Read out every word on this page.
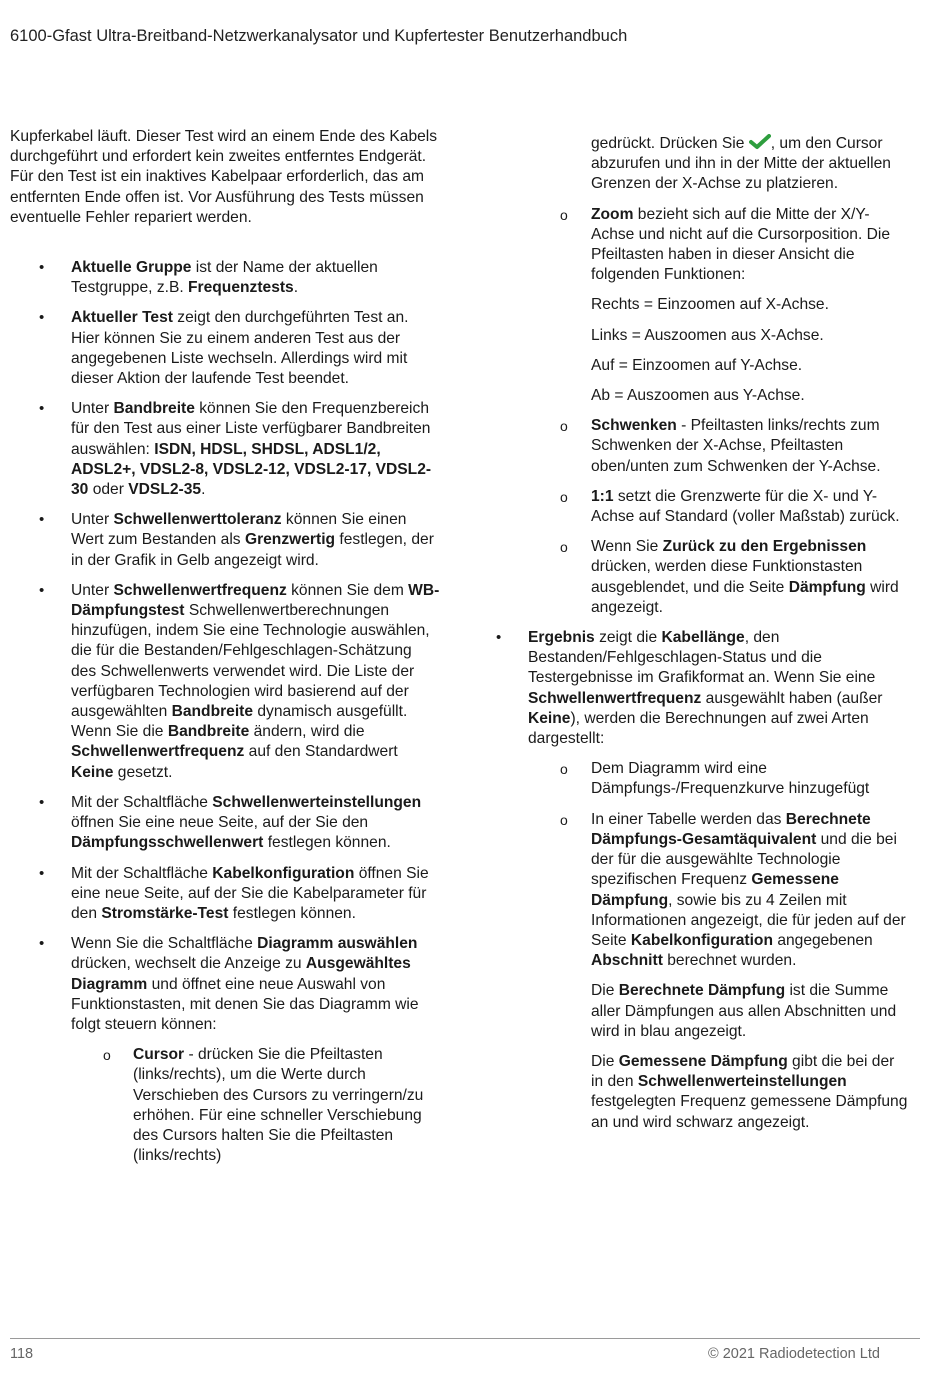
6100-Gfast Ultra-Breitband-Netzwerkanalysator und Kupfertester Benutzerhandbuch

Kupferkabel läuft. Dieser Test wird an einem Ende des Kabels durchgeführt und erfordert kein zweites entferntes Endgerät. Für den Test ist ein inaktives Kabelpaar erforderlich, das am entfernten Ende offen ist. Vor Ausführung des Tests müssen eventuelle Fehler repariert werden.

• Aktuelle Gruppe ist der Name der aktuellen Testgruppe, z.B. Frequenztests.
• Aktueller Test zeigt den durchgeführten Test an. Hier können Sie zu einem anderen Test aus der angegebenen Liste wechseln. Allerdings wird mit dieser Aktion der laufende Test beendet.
• Unter Bandbreite können Sie den Frequenzbereich für den Test aus einer Liste verfügbarer Bandbreiten auswählen: ISDN, HDSL, SHDSL, ADSL1/2, ADSL2+, VDSL2-8, VDSL2-12, VDSL2-17, VDSL2-30 oder VDSL2-35.
• Unter Schwellenwerttoleranz können Sie einen Wert zum Bestanden als Grenzwertig festlegen, der in der Grafik in Gelb angezeigt wird.
• Unter Schwellenwertfrequenz können Sie dem WB-Dämpfungstest Schwellenwertberechnungen hinzufügen, indem Sie eine Technologie auswählen, die für die Bestanden/Fehlgeschlagen-Schätzung des Schwellenwerts verwendet wird. Die Liste der verfügbaren Technologien wird basierend auf der ausgewählten Bandbreite dynamisch ausgefüllt. Wenn Sie die Bandbreite ändern, wird die Schwellenwertfrequenz auf den Standardwert Keine gesetzt.
• Mit der Schaltfläche Schwellenwerteinstellungen öffnen Sie eine neue Seite, auf der Sie den Dämpfungsschwellenwert festlegen können.
• Mit der Schaltfläche Kabelkonfiguration öffnen Sie eine neue Seite, auf der Sie die Kabelparameter für den Stromstärke-Test festlegen können.
• Wenn Sie die Schaltfläche Diagramm auswählen drücken, wechselt die Anzeige zu Ausgewähltes Diagramm und öffnet eine neue Auswahl von Funktionstasten, mit denen Sie das Diagramm wie folgt steuern können:
o Cursor - drücken Sie die Pfeiltasten (links/rechts), um die Werte durch Verschieben des Cursors zu verringern/zu erhöhen. Für eine schneller Verschiebung des Cursors halten Sie die Pfeiltasten (links/rechts)

gedrückt. Drücken Sie , um den Cursor abzurufen und ihn in der Mitte der aktuellen Grenzen der X-Achse zu platzieren.

o Zoom bezieht sich auf die Mitte der X/Y-Achse und nicht auf die Cursorposition. Die Pfeiltasten haben in dieser Ansicht die folgenden Funktionen:

Rechts = Einzoomen auf X-Achse.

Links = Auszoomen aus X-Achse.

Auf = Einzoomen auf Y-Achse.

Ab = Auszoomen aus Y-Achse.

o Schwenken - Pfeiltasten links/rechts zum Schwenken der X-Achse, Pfeiltasten oben/unten zum Schwenken der Y-Achse.
o 1:1 setzt die Grenzwerte für die X- und Y-Achse auf Standard (voller Maßstab) zurück.
o Wenn Sie Zurück zu den Ergebnissen drücken, werden diese Funktionstasten ausgeblendet, und die Seite Dämpfung wird angezeigt.
• Ergebnis zeigt die Kabellänge, den Bestanden/Fehlgeschlagen-Status und die Testergebnisse im Grafikformat an. Wenn Sie eine Schwellenwertfrequenz ausgewählt haben (außer Keine), werden die Berechnungen auf zwei Arten dargestellt:
o Dem Diagramm wird eine Dämpfungs-/Frequenzkurve hinzugefügt
o In einer Tabelle werden das Berechnete Dämpfungs-Gesamtäquivalent und die bei der für die ausgewählte Technologie spezifischen Frequenz Gemessene Dämpfung, sowie bis zu 4 Zeilen mit Informationen angezeigt, die für jeden auf der Seite Kabelkonfiguration angegebenen Abschnitt berechnet wurden.

Die Berechnete Dämpfung ist die Summe aller Dämpfungen aus allen Abschnitten und wird in blau angezeigt.

Die Gemessene Dämpfung gibt die bei der in den Schwellenwerteinstellungen festgelegten Frequenz gemessene Dämpfung an und wird schwarz angezeigt.

118	© 2021 Radiodetection Ltd
